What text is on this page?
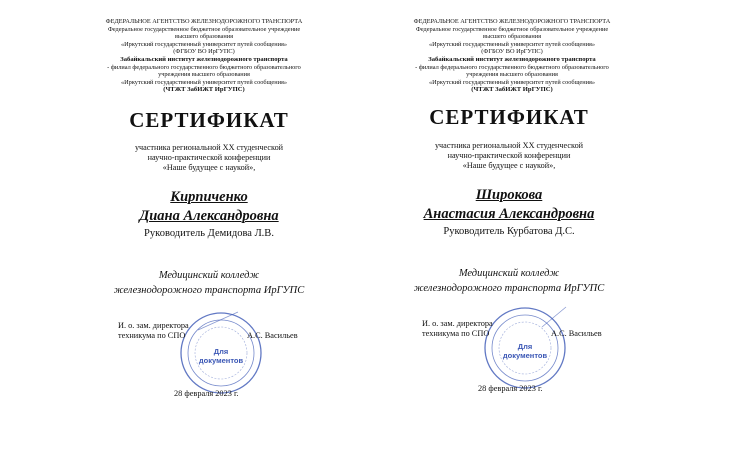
ФЕДЕРАЛЬНОЕ АГЕНТСТВО ЖЕЛЕЗНОДОРОЖНОГО ТРАНСПОРТА
Федеральное государственное бюджетное образовательное учреждение
высшего образования
«Иркутский государственный университет путей сообщения»
(ФГБОУ ВО ИрГУПС)
Забайкальский институт железнодорожного транспорта
- филиал федерального государственного бюджетного образовательного
учреждения высшего образования
«Иркутский государственный университет путей сообщения»
(ЧТЖТ ЗабИЖТ ИрГУПС)
СЕРТИФИКАТ
участника региональной XX студенческой
научно-практической конференции
«Наше будущее с наукой»,
Кирпиченко
Диана Александровна
Руководитель Демидова Л.В.
Медицинский колледж
железнодорожного транспорта ИрГУПС
Для
документов
И. о. зам. директора
техникума по СПО	А.С. Васильев
28 февраля 2023 г.
ФЕДЕРАЛЬНОЕ АГЕНТСТВО ЖЕЛЕЗНОДОРОЖНОГО ТРАНСПОРТА
Федеральное государственное бюджетное образовательное учреждение
высшего образования
«Иркутский государственный университет путей сообщения»
(ФГБОУ ВО ИрГУПС)
Забайкальский институт железнодорожного транспорта
- филиал федерального государственного бюджетного образовательного
учреждения высшего образования
«Иркутский государственный университет путей сообщения»
(ЧТЖТ ЗабИЖТ ИрГУПС)
СЕРТИФИКАТ
участника региональной XX студенческой
научно-практической конференции
«Наше будущее с наукой»,
Широкова
Анастасия Александровна
Руководитель Курбатова Д.С.
Медицинский колледж
железнодорожного транспорта ИрГУПС
Для
документов
И. о. зам. директора
техникума по СПО	А.С. Васильев
28 февраля 2023 г.
